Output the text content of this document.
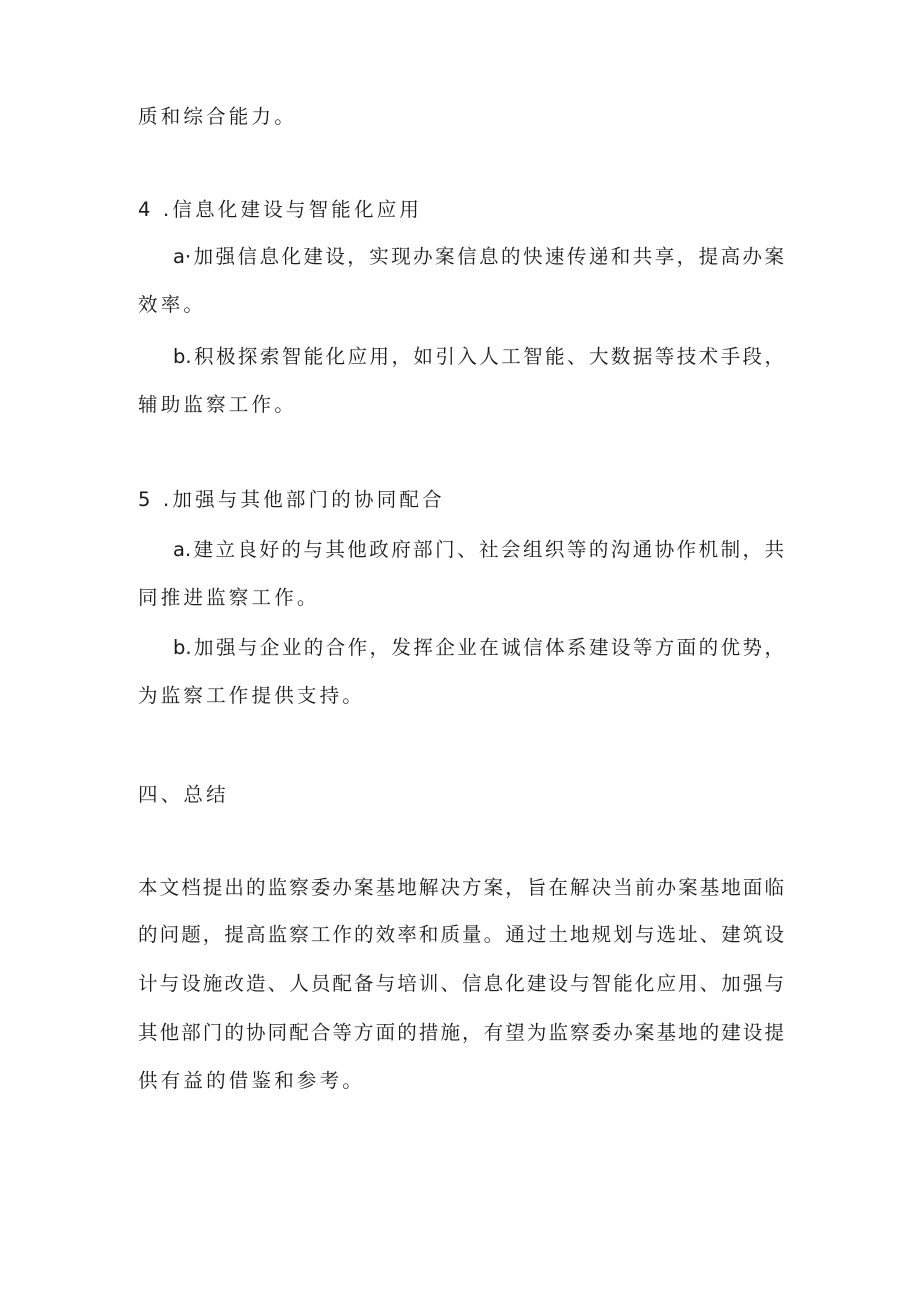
质和综合能力。
4 .信息化建设与智能化应用
a·加强信息化建设，实现办案信息的快速传递和共享，提高办案
效率。
b.积极探索智能化应用，如引入人工智能、大数据等技术手段，
辅助监察工作。
5 .加强与其他部门的协同配合
a.建立良好的与其他政府部门、社会组织等的沟通协作机制，共
同推进监察工作。
b.加强与企业的合作，发挥企业在诚信体系建设等方面的优势，
为监察工作提供支持。
四、总结
本文档提出的监察委办案基地解决方案，旨在解决当前办案基地面临
的问题，提高监察工作的效率和质量。通过土地规划与选址、建筑设
计与设施改造、人员配备与培训、信息化建设与智能化应用、加强与
其他部门的协同配合等方面的措施，有望为监察委办案基地的建设提
供有益的借鉴和参考。
